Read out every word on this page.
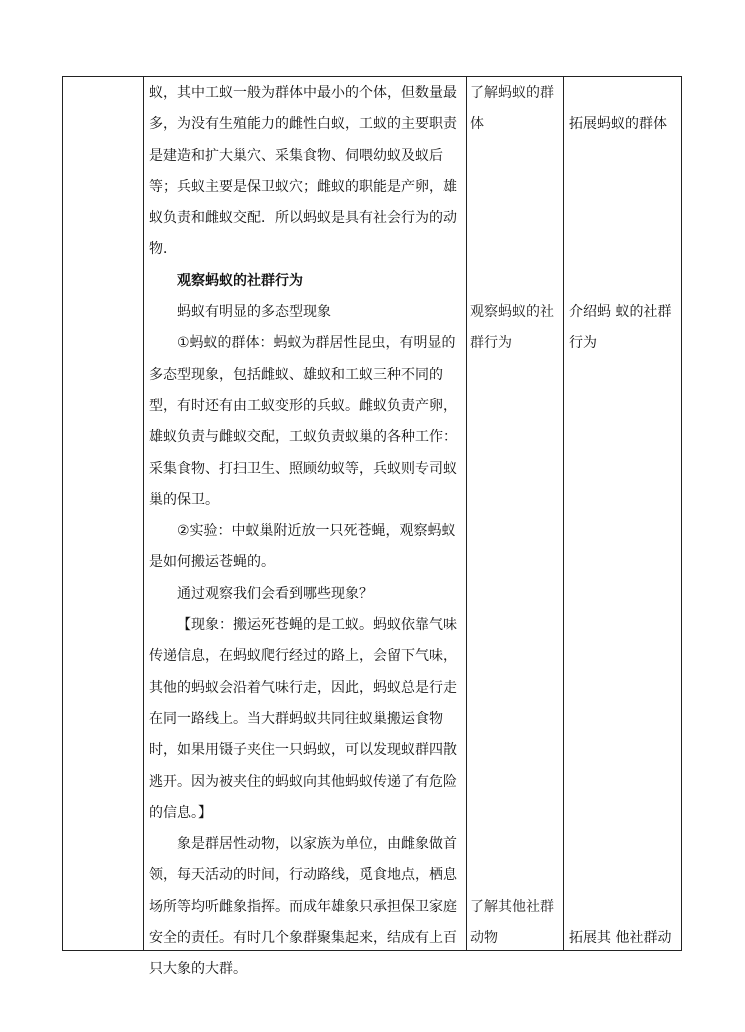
蚁，其中工蚁一般为群体中最小的个体，但数量最多，为没有生殖能力的雌性白蚁，工蚁的主要职责是建造和扩大巢穴、采集食物、伺喂幼蚁及蚁后等；兵蚁主要是保卫蚁穴；雌蚁的职能是产卵，雄蚁负责和雌蚁交配．所以蚂蚁是具有社会行为的动物．

观察蚂蚁的社群行为

蚂蚁有明显的多态型现象

①蚂蚁的群体：蚂蚁为群居性昆虫，有明显的多态型现象，包括雌蚁、雄蚁和工蚁三种不同的型，有时还有由工蚁变形的兵蚁。雌蚁负责产卵，雄蚁负责与雌蚁交配，工蚁负责蚁巢的各种工作：采集食物、打扫卫生、照顾幼蚁等，兵蚁则专司蚁巢的保卫。

②实验：中蚁巢附近放一只死苍蝇，观察蚂蚁是如何搬运苍蝇的。

通过观察我们会看到哪些现象？

【现象：搬运死苍蝇的是工蚁。蚂蚁依靠气味传递信息，在蚂蚁爬行经过的路上，会留下气味，其他的蚂蚁会沿着气味行走，因此，蚂蚁总是行走在同一路线上。当大群蚂蚁共同往蚁巢搬运食物时，如果用镊子夹住一只蚂蚁，可以发现蚁群四散逃开。因为被夹住的蚂蚁向其他蚂蚁传递了有危险的信息。】

象是群居性动物，以家族为单位，由雌象做首领，每天活动的时间，行动路线，觅食地点，栖息场所等均听雌象指挥。而成年雄象只承担保卫家庭安全的责任。有时几个象群聚集起来，结成有上百只大象的大群。

了解蚂蚁的群体
观察蚂蚁的社群行为
了解其他社群动物
拓展蚂蚁的群体
介绍蚂 蚁的社群行为
拓展其 他社群动
